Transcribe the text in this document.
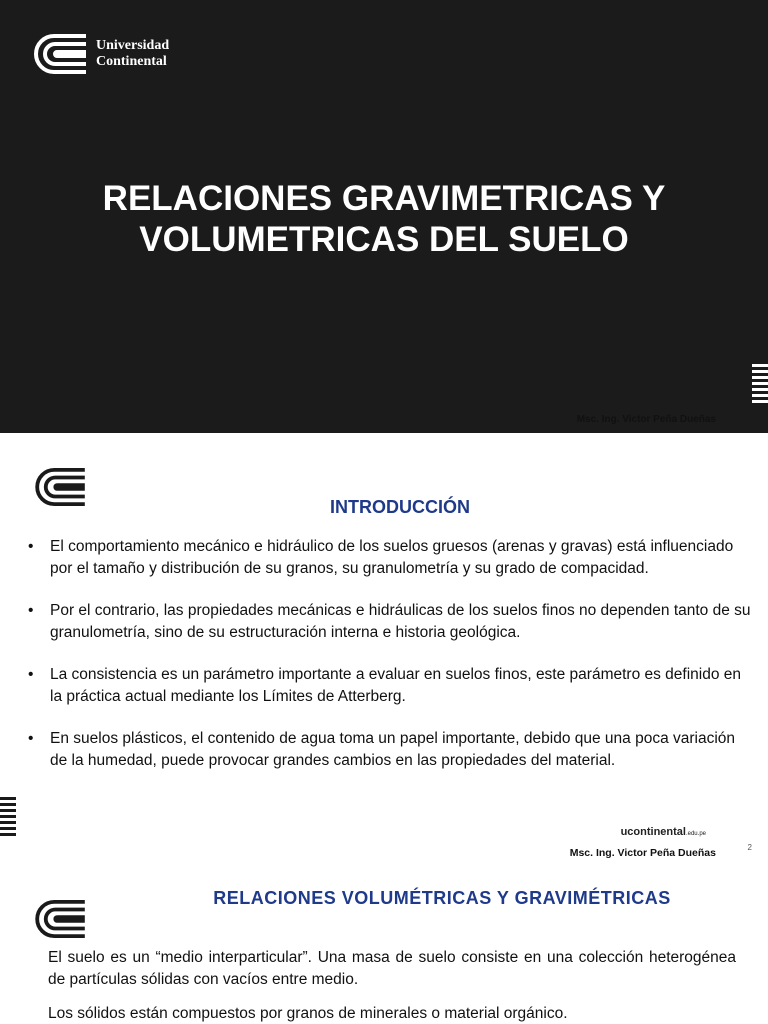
Universidad
Continental
RELACIONES GRAVIMETRICAS Y
VOLUMETRICAS DEL SUELO
Msc. Ing. Victor Peña Dueñas
INTRODUCCIÓN
• El comportamiento mecánico e hidráulico de los suelos gruesos (arenas y gravas) está influenciado por el tamaño y distribución de su granos, su granulometría y su grado de compacidad.
• Por el contrario, las propiedades mecánicas e hidráulicas de los suelos finos no dependen tanto de su granulometría, sino de su estructuración interna e historia geológica.
• La consistencia es un parámetro importante a evaluar en suelos finos, este parámetro es definido en la práctica actual mediante los Límites de Atterberg.
• En suelos plásticos, el contenido de agua toma un papel importante, debido que una poca variación de la humedad, puede provocar grandes cambios en las propiedades del material.
ucontinental.edu.pe
Msc. Ing. Victor Peña Dueñas	2
RELACIONES VOLUMÉTRICAS Y GRAVIMÉTRICAS

El suelo es un “medio interparticular”. Una masa de suelo consiste en una colección heterogénea de partículas sólidas con vacíos entre medio.

Los sólidos están compuestos por granos de minerales o material orgánico.
